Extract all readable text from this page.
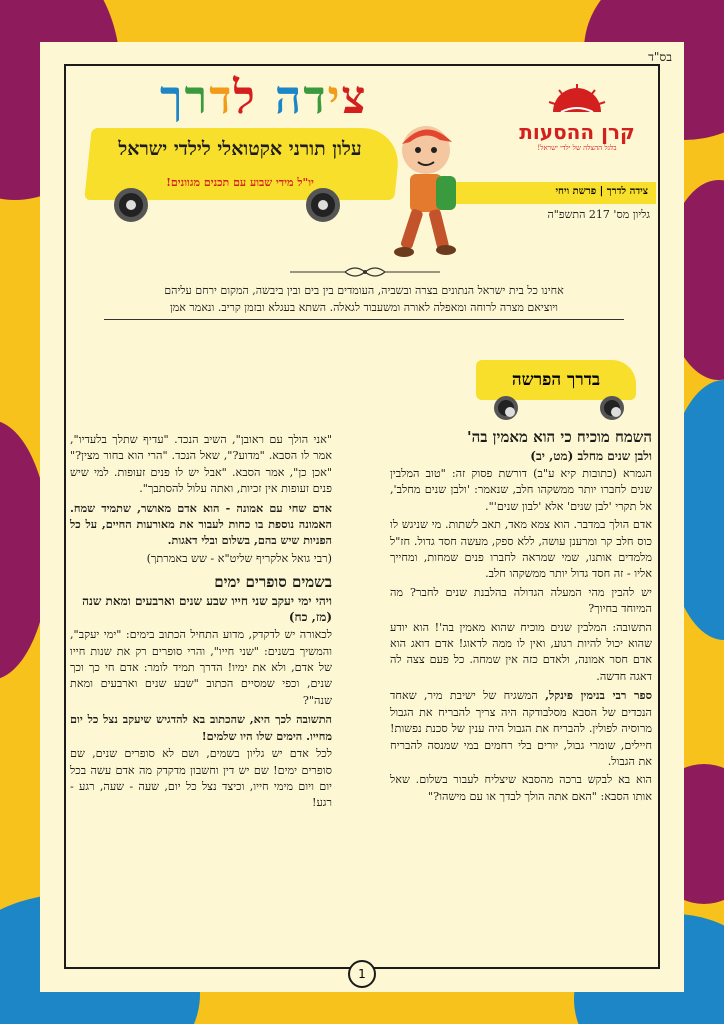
בס"ד
צידה לדרך
עלון תורני אקטואלי לילדי ישראל
יו"ל מידי שבוע עם תכנים מגוונים!
קרן ההסעות
בלגל ההצלה של ילדי ישראל!
צידה לדרך | פרשת ויחי
גליון מס' 217 התשפ"ה
אחינו כל בית ישראל הנתונים בצרה ובשביה, העומדים בין בים ובין ביבשה, המקום ירחם עליהם
ויוציאם מצרה לרוחה ומאפלה לאורה ומשעבוד לגאלה. השתא בעגלא ובזמן קריב. ונאמר אמן
בדרך הפרשה
השמח מוכיח כי הוא מאמין בה'
ולבן שנים מחלב (מט, יב)

הגמרא (כתובות קיא ע"ב) דורשת פסוק זה: "טוב המלבין שנים לחברו יותר ממשקהו חלב, שנאמר: 'ולבן שנים מחלב', אל תקרי 'לבן שנים' אלא 'לבון שנים'".

אדם הולך במדבר. הוא צמא מאד, תאב לשתות. מי שניגש לו כוס חלב קר ומרענן עושה, ללא ספק, מעשה חסד גדול. חז"ל מלמדים אותנו, שמי שמראה לחברו פנים שמחות, ומחייך אליו - זה חסד גדול יותר ממשקהו חלב.

יש להבין מהי המעלה הגדולה בהלבנת שנים לחבר? מה המיוחד בחיוך?

התשובה: המלבין שנים מוכיח שהוא מאמין בה'! הוא יודע שהוא יכול להיות רגוע, ואין לו ממה לדאוג! אדם דואג הוא אדם חסר אמונה, ולאדם כזה אין שמחה. כל פעם צצה לה דאגה חדשה.

ספר רבי בנימין פינקל, המשגיח של ישיבת מיר, שאחד הנכדים של הסבא מסלבודקה היה צריך להבריח את הגבול מרוסיה לפולין. להבריח את הגבול היה ענין של סכנת נפשות! חיילים, שומרי גבול, יורים בלי רחמים במי שמנסה להבריח את הגבול.

הוא בא לבקש ברכה מהסבא שיצליח לעבור בשלום. שאל אותו הסבא: "האם אתה הולך לבדך או עם מישהו?"

"אני הולך עם ראובן", השיב הנכד. "עדיף שתלך בלעדיו", אמר לו הסבא. "מדוע?", שאל הנכד. "הרי הוא בחור מצין?" "אכן כן", אמר הסבא. "אבל יש לו פנים זעופות. למי שיש פנים זעופות אין זכיות, ואתה עלול להסתבך".

אדם שחי עם אמונה - הוא אדם מאושר, שתמיד שמח. האמונה נוספת בו כחות לעבור את מאורעות החיים, על כל הפניות שיש בהם, בשלום ובלי דאגות.

(רבי גואל אלקריף שליט"א - שש באמרתך)

בשמים סופרים ימים
ויהי ימי יעקב שני חייו שבע שנים וארבעים ומאת שנה (מז, כח)

לכאורה יש לדקדק, מדוע התחיל הכתוב בימים: "ימי יעקב", והמשיך בשנים: "שני חייו", והרי סופרים רק את שנות חייו של אדם, ולא את ימיו! הדרך תמיד לומר: אדם חי כך וכך שנים, וכפי שמסיים הכתוב "שבע שנים וארבעים ומאת שנה"?

התשובה לכך היא, שהכתוב בא להדגיש שיעקב נצל כל יום מחייו. הימים שלו היו שלמים!

לכל אדם יש גליון בשמים, ושם לא סופרים שנים, שם סופרים ימים! שם יש דין וחשבון מדקדק מה אדם עשה בכל יום ויום מימי חייו, וכיצד נצל כל יום, שעה - שעה, רגע - רגע!

1
